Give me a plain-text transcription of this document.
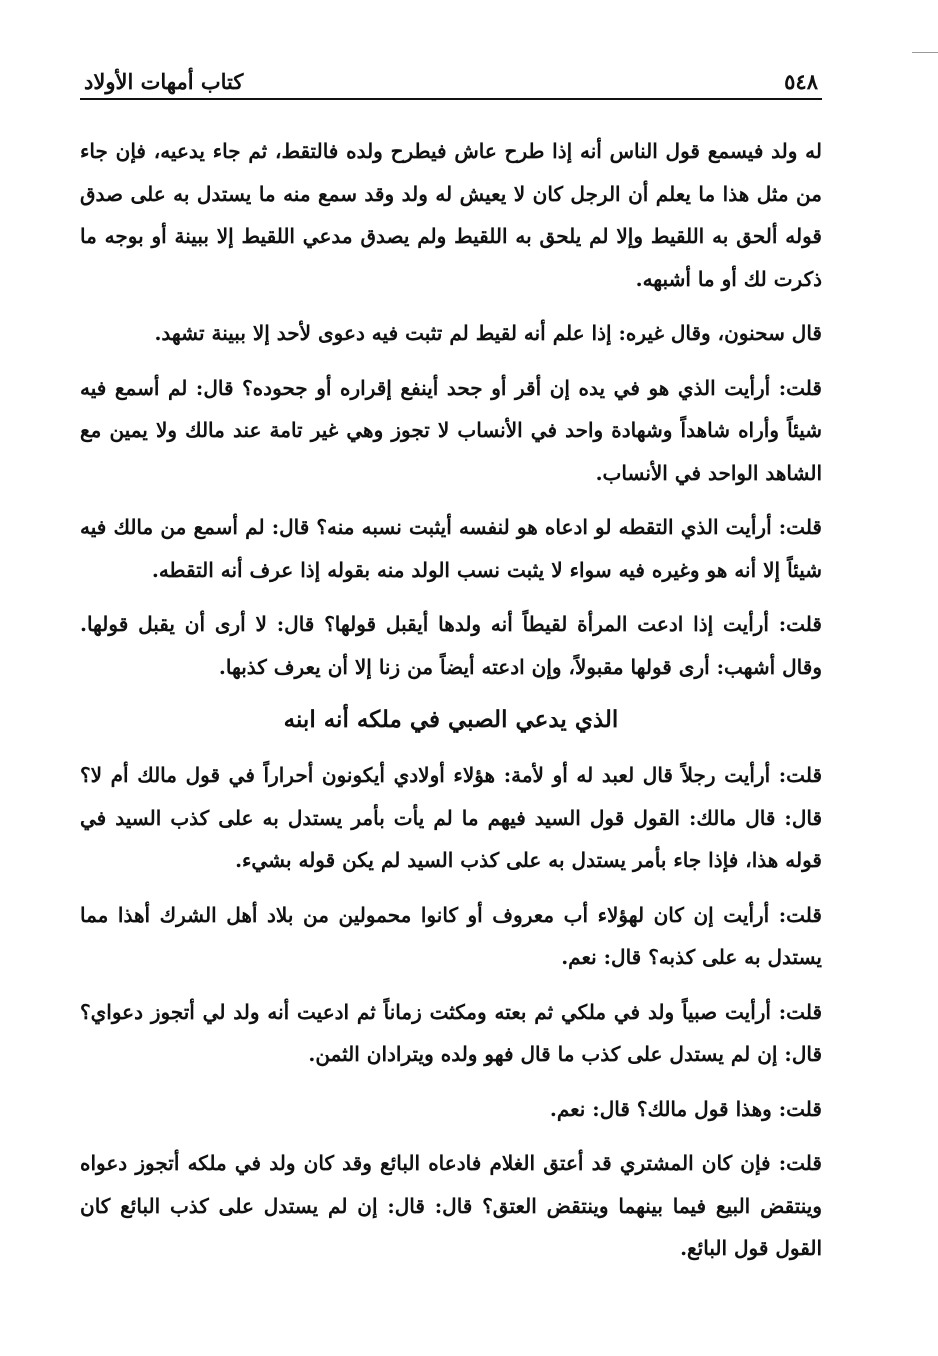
٥٤٨
كتاب أمهات الأولاد

له ولد فيسمع قول الناس أنه إذا طرح عاش فيطرح ولده فالتقط، ثم جاء يدعيه، فإن جاء من مثل هذا ما يعلم أن الرجل كان لا يعيش له ولد وقد سمع منه ما يستدل به على صدق قوله ألحق به اللقيط وإلا لم يلحق به اللقيط ولم يصدق مدعي اللقيط إلا ببينة أو بوجه ما ذكرت لك أو ما أشبهه.

قال سحنون، وقال غيره: إذا علم أنه لقيط لم تثبت فيه دعوى لأحد إلا ببينة تشهد.

قلت: أرأيت الذي هو في يده إن أقر أو جحد أينفع إقراره أو جحوده؟ قال: لم أسمع فيه شيئاً وأراه شاهداً وشهادة واحد في الأنساب لا تجوز وهي غير تامة عند مالك ولا يمين مع الشاهد الواحد في الأنساب.

قلت: أرأيت الذي التقطه لو ادعاه هو لنفسه أيثبت نسبه منه؟ قال: لم أسمع من مالك فيه شيئاً إلا أنه هو وغيره فيه سواء لا يثبت نسب الولد منه بقوله إذا عرف أنه التقطه.

قلت: أرأيت إذا ادعت المرأة لقيطاً أنه ولدها أيقبل قولها؟ قال: لا أرى أن يقبل قولها. وقال أشهب: أرى قولها مقبولاً، وإن ادعته أيضاً من زنا إلا أن يعرف كذبها.

الذي يدعي الصبي في ملكه أنه ابنه

قلت: أرأيت رجلاً قال لعبد له أو لأمة: هؤلاء أولادي أيكونون أحراراً في قول مالك أم لا؟ قال: قال مالك: القول قول السيد فيهم ما لم يأت بأمر يستدل به على كذب السيد في قوله هذا، فإذا جاء بأمر يستدل به على كذب السيد لم يكن قوله بشيء.

قلت: أرأيت إن كان لهؤلاء أب معروف أو كانوا محمولين من بلاد أهل الشرك أهذا مما يستدل به على كذبه؟ قال: نعم.

قلت: أرأيت صبياً ولد في ملكي ثم بعته ومكثت زماناً ثم ادعيت أنه ولد لي أتجوز دعواي؟ قال: إن لم يستدل على كذب ما قال فهو ولده ويترادان الثمن.

قلت: وهذا قول مالك؟ قال: نعم.

قلت: فإن كان المشتري قد أعتق الغلام فادعاه البائع وقد كان ولد في ملكه أتجوز دعواه وينتقض البيع فيما بينهما وينتقض العتق؟ قال: قال: إن لم يستدل على كذب البائع كان القول قول البائع.
